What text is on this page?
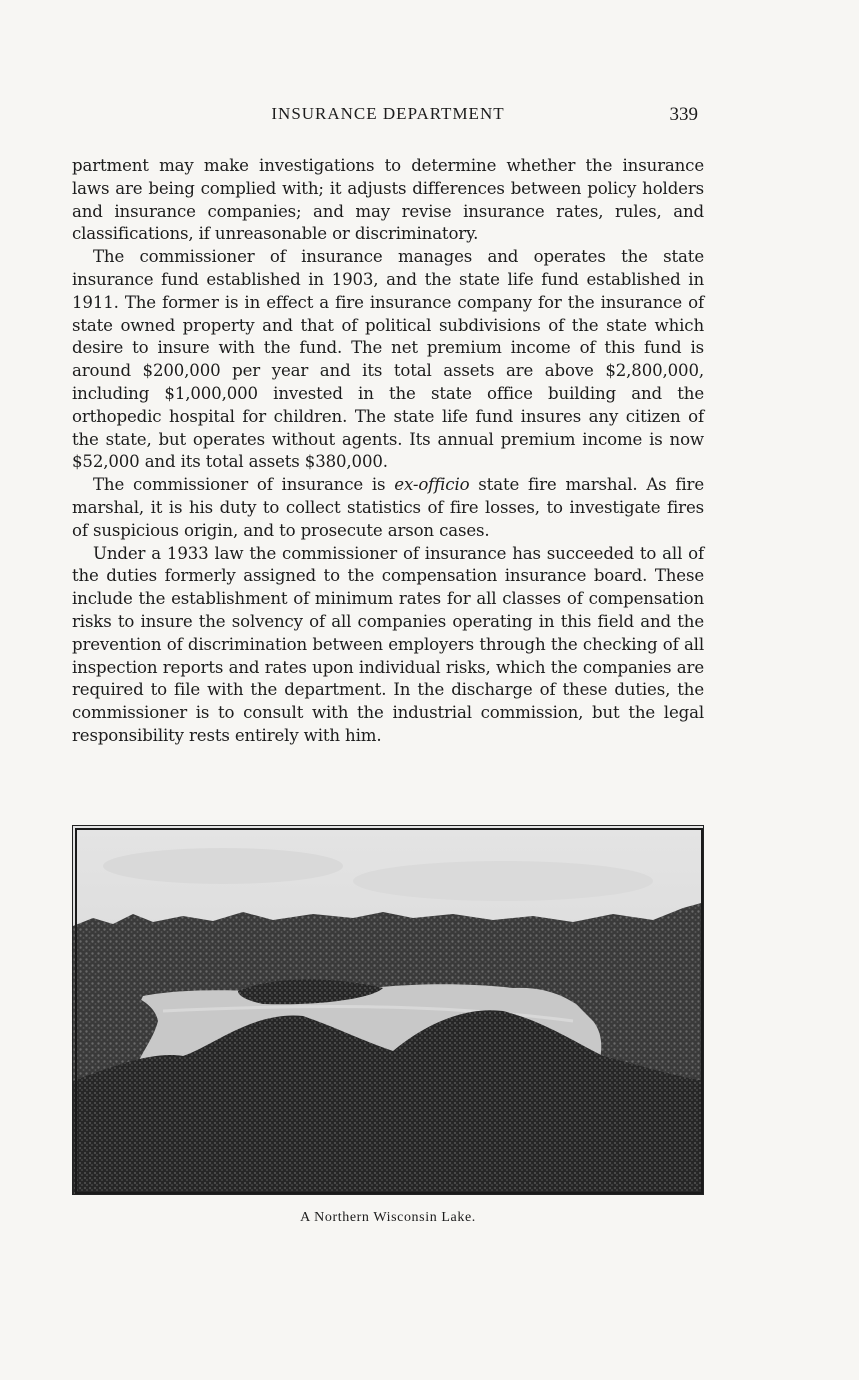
INSURANCE DEPARTMENT	339

partment may make investigations to determine whether the insurance laws are being complied with; it adjusts differences between policy holders and insurance companies; and may revise insurance rates, rules, and classifications, if unreasonable or discriminatory.

The commissioner of insurance manages and operates the state insurance fund established in 1903, and the state life fund established in 1911. The former is in effect a fire insurance company for the insurance of state owned property and that of political subdivisions of the state which desire to insure with the fund. The net premium income of this fund is around $200,000 per year and its total assets are above $2,800,000, including $1,000,000 invested in the state office building and the orthopedic hospital for children. The state life fund insures any citizen of the state, but operates without agents. Its annual premium income is now $52,000 and its total assets $380,000.

The commissioner of insurance is ex-officio state fire marshal. As fire marshal, it is his duty to collect statistics of fire losses, to investigate fires of suspicious origin, and to prosecute arson cases.

Under a 1933 law the commissioner of insurance has succeeded to all of the duties formerly assigned to the compensation insurance board. These include the establishment of minimum rates for all classes of compensation risks to insure the solvency of all companies operating in this field and the prevention of discrimination between employers through the checking of all inspection reports and rates upon individual risks, which the companies are required to file with the department. In the discharge of these duties, the commissioner is to consult with the industrial commission, but the legal responsibility rests entirely with him.

A Northern Wisconsin Lake.
